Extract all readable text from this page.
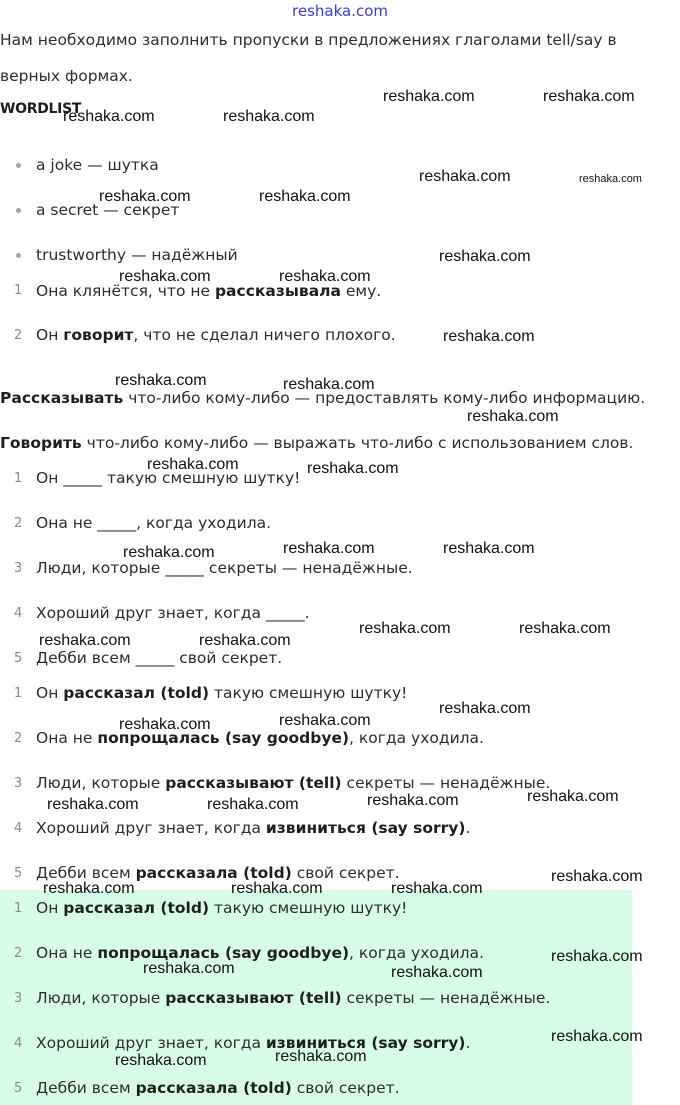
reshaka.com
Нам необходимо заполнить пропуски в предложениях глаголами tell/say в
верных формах.
WORDLIST
a joke — шутка
a secret — секрет
trustworthy — надёжный
1 Она клянётся, что не рассказывала ему.
2 Он говорит, что не сделал ничего плохого.
Рассказывать что-либо кому-либо — предоставлять кому-либо информацию.
Говорить что-либо кому-либо — выражать что-либо с использованием слов.
1 Он _____ такую смешную шутку!
2 Она не _____, когда уходила.
3 Люди, которые _____ секреты — ненадёжные.
4 Хороший друг знает, когда _____.
5 Дебби всем _____ свой секрет.
1 Он рассказал (told) такую смешную шутку!
2 Она не попрощалась (say goodbye), когда уходила.
3 Люди, которые рассказывают (tell) секреты — ненадёжные.
4 Хороший друг знает, когда извиниться (say sorry).
5 Дебби всем рассказала (told) свой секрет.
1 Он рассказал (told) такую смешную шутку!
2 Она не попрощалась (say goodbye), когда уходила.
3 Люди, которые рассказывают (tell) секреты — ненадёжные.
4 Хороший друг знает, когда извиниться (say sorry).
5 Дебби всем рассказала (told) свой секрет.
reshaka.com	reshaka.com
reshaka.com	reshaka.com
reshaka.com	reshaka.com
reshaka.com	reshaka.com
reshaka.com
reshaka.com	reshaka.com
reshaka.com
reshaka.com	reshaka.com
reshaka.com
reshaka.com	reshaka.com
reshaka.com	reshaka.com	reshaka.com
reshaka.com	reshaka.com
reshaka.com	reshaka.com
reshaka.com
reshaka.com	reshaka.com
reshaka.com
reshaka.com
reshaka.com	reshaka.com
reshaka.com
reshaka.com	reshaka.com	reshaka.com
reshaka.com
reshaka.com	reshaka.com
reshaka.com
reshaka.com
reshaka.com
